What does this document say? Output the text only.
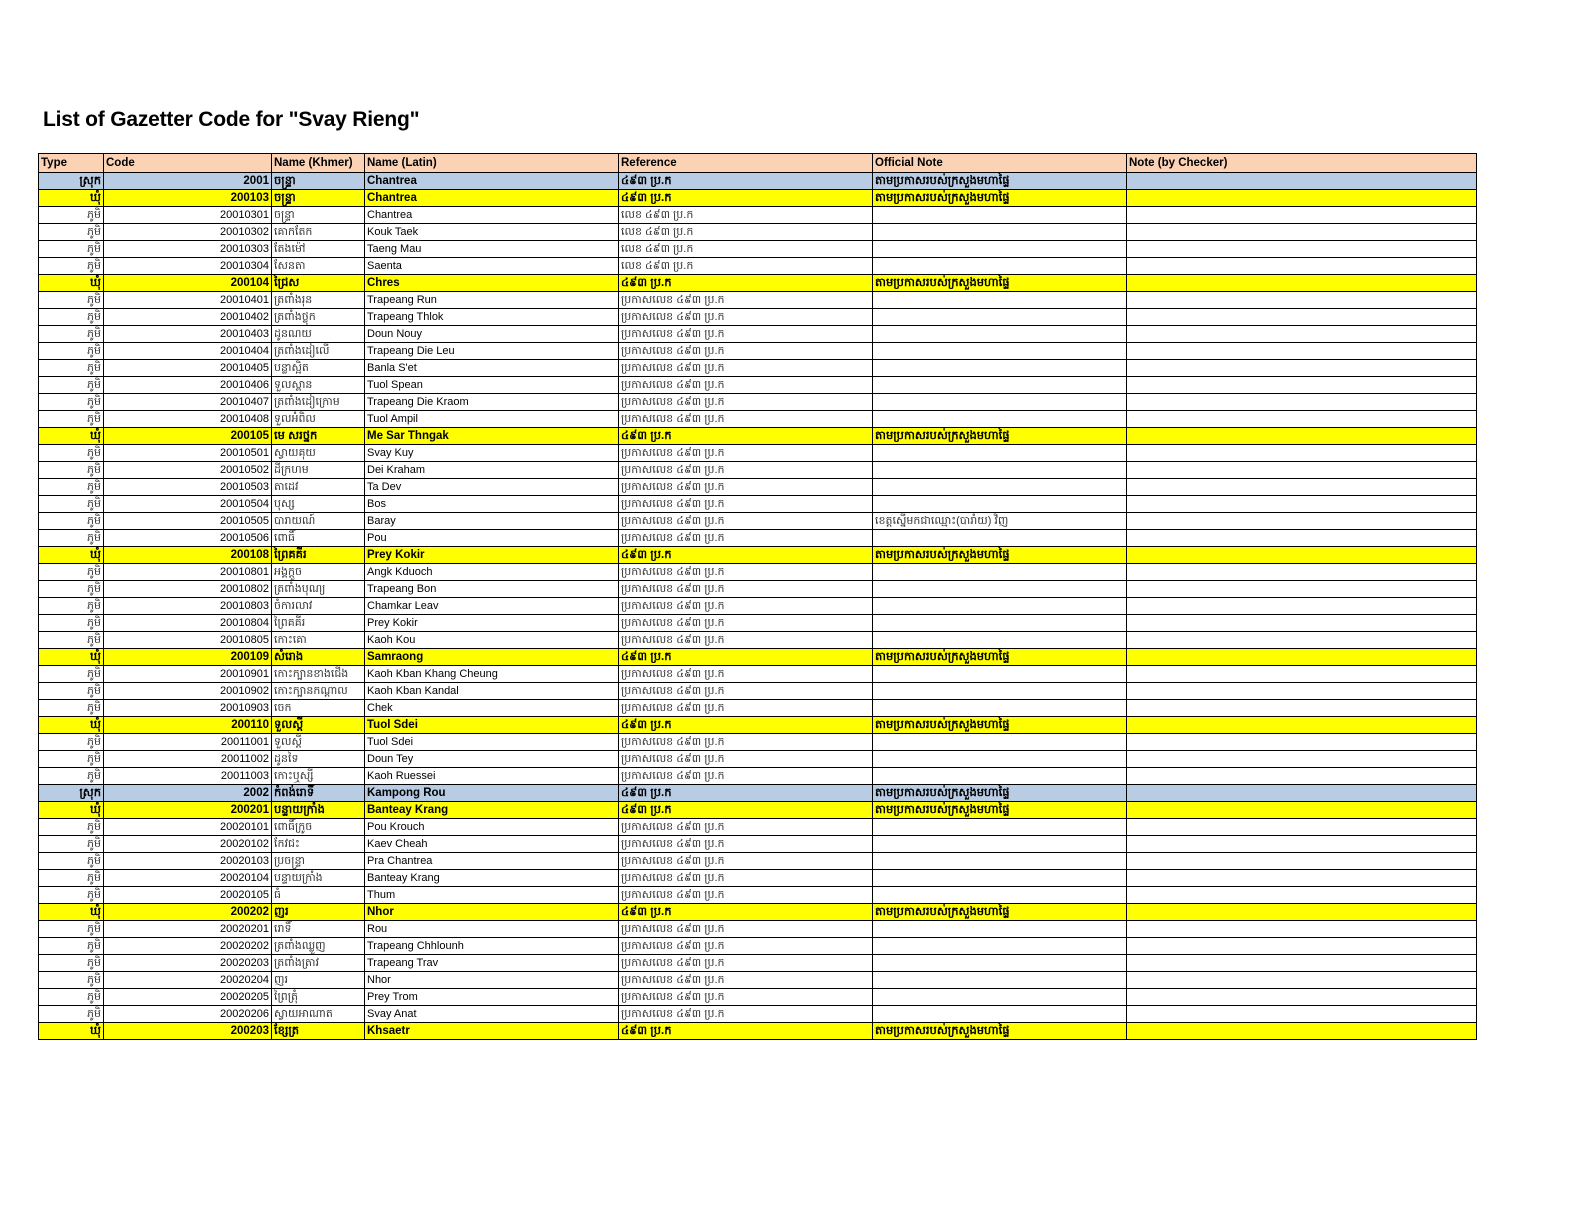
List of Gazetter Code for "Svay Rieng"
Type	Code	Name (Khmer)	Name (Latin)	Reference	Official Note	Note (by Checker)
ស្រុក	2001	ចន្ទ្រា	Chantrea	៤៩៣ ប្រ.ក	តាមប្រកាសរបស់ក្រសួងមហាផ្ទៃ	
ឃុំ	200103	ចន្ទ្រា	Chantrea	៤៩៣ ប្រ.ក	តាមប្រកាសរបស់ក្រសួងមហាផ្ទៃ	
ភូមិ	20010301	ចន្ទ្រា	Chantrea	លេខ ៤៩៣ ប្រ.ក		
ភូមិ	20010302	គោកតែក	Kouk Taek	លេខ ៤៩៣ ប្រ.ក		
ភូមិ	20010303	តែងម៉ៅ	Taeng Mau	លេខ ៤៩៣ ប្រ.ក		
ភូមិ	20010304	សែនតា	Saenta	លេខ ៤៩៣ ប្រ.ក		
ឃុំ	200104	ជ្រៃស	Chres	៤៩៣ ប្រ.ក	តាមប្រកាសរបស់ក្រសួងមហាផ្ទៃ	
ភូមិ	20010401	ត្រពាំងរុន	Trapeang Run	ប្រកាសលេខ ៤៩៣ ប្រ.ក		
ភូមិ	20010402	ត្រពាំងថ្លុក	Trapeang Thlok	ប្រកាសលេខ ៤៩៣ ប្រ.ក		
ភូមិ	20010403	ដូនណយ	Doun Nouy	ប្រកាសលេខ ៤៩៣ ប្រ.ក		
ភូមិ	20010404	ត្រពាំងដៀលើ	Trapeang Die Leu	ប្រកាសលេខ ៤៩៣ ប្រ.ក		
ភូមិ	20010405	បន្លាស្អិត	Banla S'et	ប្រកាសលេខ ៤៩៣ ប្រ.ក		
ភូមិ	20010406	ទួលស្ពាន	Tuol Spean	ប្រកាសលេខ ៤៩៣ ប្រ.ក		
ភូមិ	20010407	ត្រពាំងដៀក្រោម	Trapeang Die Kraom	ប្រកាសលេខ ៤៩៣ ប្រ.ក		
ភូមិ	20010408	ទួលអំពិល	Tuol Ampil	ប្រកាសលេខ ៤៩៣ ប្រ.ក		
ឃុំ	200105	មេ សរថ្នក	Me Sar Thngak	៤៩៣ ប្រ.ក	តាមប្រកាសរបស់ក្រសួងមហាផ្ទៃ	
ភូមិ	20010501	ស្វាយគុយ	Svay Kuy	ប្រកាសលេខ ៤៩៣ ប្រ.ក		
ភូមិ	20010502	ដីក្រហម	Dei Kraham	ប្រកាសលេខ ៤៩៣ ប្រ.ក		
ភូមិ	20010503	តាដេវ	Ta Dev	ប្រកាសលេខ ៤៩៣ ប្រ.ក		
ភូមិ	20010504	បុស្ស	Bos	ប្រកាសលេខ ៤៩៣ ប្រ.ក		
ភូមិ	20010505	បារាយណ៍	Baray	ប្រកាសលេខ ៤៩៣ ប្រ.ក	ខេត្តស្នើមកជាឈ្មោះ(បារាំយ) វិញ	
ភូមិ	20010506	ពោធិ៍	Pou	ប្រកាសលេខ ៤៩៣ ប្រ.ក		
ឃុំ	200108	ព្រៃគគីរ	Prey Kokir	៤៩៣ ប្រ.ក	តាមប្រកាសរបស់ក្រសួងមហាផ្ទៃ	
ភូមិ	20010801	អង្គក្តួច	Angk Kduoch	ប្រកាសលេខ ៤៩៣ ប្រ.ក		
ភូមិ	20010802	ត្រពាំងបុណ្យ	Trapeang Bon	ប្រកាសលេខ ៤៩៣ ប្រ.ក		
ភូមិ	20010803	ចំការលាវ	Chamkar Leav	ប្រកាសលេខ ៤៩៣ ប្រ.ក		
ភូមិ	20010804	ព្រៃគគីរ	Prey Kokir	ប្រកាសលេខ ៤៩៣ ប្រ.ក		
ភូមិ	20010805	កោះគោ	Kaoh Kou	ប្រកាសលេខ ៤៩៣ ប្រ.ក		
ឃុំ	200109	សំរោង	Samraong	៤៩៣ ប្រ.ក	តាមប្រកាសរបស់ក្រសួងមហាផ្ទៃ	
ភូមិ	20010901	កោះក្បានខាងជើង	Kaoh Kban Khang Cheung	ប្រកាសលេខ ៤៩៣ ប្រ.ក		
ភូមិ	20010902	កោះក្បានកណ្តាល	Kaoh Kban Kandal	ប្រកាសលេខ ៤៩៣ ប្រ.ក		
ភូមិ	20010903	ចេក	Chek	ប្រកាសលេខ ៤៩៣ ប្រ.ក		
ឃុំ	200110	ទួលស្តី	Tuol Sdei	៤៩៣ ប្រ.ក	តាមប្រកាសរបស់ក្រសួងមហាផ្ទៃ	
ភូមិ	20011001	ទួលស្តី	Tuol Sdei	ប្រកាសលេខ ៤៩៣ ប្រ.ក		
ភូមិ	20011002	ដូនទៃ	Doun Tey	ប្រកាសលេខ ៤៩៣ ប្រ.ក		
ភូមិ	20011003	កោះឬស្សី	Kaoh Ruessei	ប្រកាសលេខ ៤៩៣ ប្រ.ក		
ស្រុក	2002	កំពង់រោទិ៍	Kampong Rou	៤៩៣ ប្រ.ក	តាមប្រកាសរបស់ក្រសួងមហាផ្ទៃ	
ឃុំ	200201	បន្ទាយក្រាំង	Banteay Krang	៤៩៣ ប្រ.ក	តាមប្រកាសរបស់ក្រសួងមហាផ្ទៃ	
ភូមិ	20020101	ពោធិ៍ក្រូច	Pou Krouch	ប្រកាសលេខ ៤៩៣ ប្រ.ក		
ភូមិ	20020102	កែវជះ	Kaev Cheah	ប្រកាសលេខ ៤៩៣ ប្រ.ក		
ភូមិ	20020103	ប្រចន្ទ្រា	Pra Chantrea	ប្រកាសលេខ ៤៩៣ ប្រ.ក		
ភូមិ	20020104	បន្ទាយក្រាំង	Banteay Krang	ប្រកាសលេខ ៤៩៣ ប្រ.ក		
ភូមិ	20020105	ធំ	Thum	ប្រកាសលេខ ៤៩៣ ប្រ.ក		
ឃុំ	200202	ញរ	Nhor	៤៩៣ ប្រ.ក	តាមប្រកាសរបស់ក្រសួងមហាផ្ទៃ	
ភូមិ	20020201	រោទិ៍	Rou	ប្រកាសលេខ ៤៩៣ ប្រ.ក		
ភូមិ	20020202	ត្រពាំងឈ្លួញ	Trapeang Chhlounh	ប្រកាសលេខ ៤៩៣ ប្រ.ក		
ភូមិ	20020203	ត្រពាំងត្រាវ	Trapeang Trav	ប្រកាសលេខ ៤៩៣ ប្រ.ក		
ភូមិ	20020204	ញរ	Nhor	ប្រកាសលេខ ៤៩៣ ប្រ.ក		
ភូមិ	20020205	ព្រៃត្រុំ	Prey Trom	ប្រកាសលេខ ៤៩៣ ប្រ.ក		
ភូមិ	20020206	ស្វាយអាណាត	Svay Anat	ប្រកាសលេខ ៤៩៣ ប្រ.ក		
ឃុំ	200203	ខ្សែត្រ	Khsaetr	៤៩៣ ប្រ.ក	តាមប្រកាសរបស់ក្រសួងមហាផ្ទៃ	
